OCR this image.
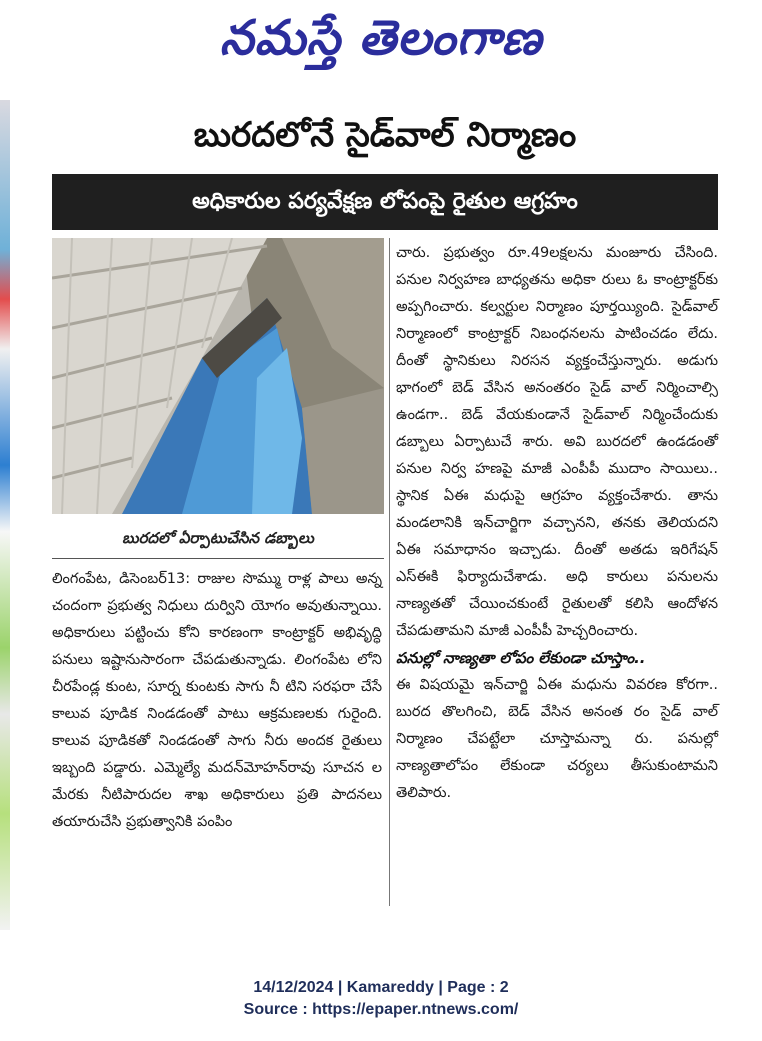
నమస్తే తెలంగాణ
బురదలోనే సైడ్‌వాల్ నిర్మాణం
అధికారుల పర్యవేక్షణ లోపంపై రైతుల ఆగ్రహం
బురదలో ఏర్పాటుచేసిన డబ్బాలు

లింగంపేట, డిసెంబర్13: రాజుల సొమ్ము రాళ్ల పాలు అన్న చందంగా ప్రభుత్వ నిధులు దుర్విని యోగం అవుతున్నాయి. అధికారులు పట్టించు కోని కారణంగా కాంట్రాక్టర్ అభివృద్ధి పనులు ఇష్టానుసారంగా చేపడుతున్నాడు. లింగంపేట లోని చీరపేండ్ల కుంట, సూర్న కుంటకు సాగు నీ టిని సరఫరా చేసే కాలువ పూడిక నిండడంతో పాటు ఆక్రమణలకు గురైంది. కాలువ పూడికతో నిండడంతో సాగు నీరు అందక రైతులు ఇబ్బంది పడ్డారు. ఎమ్మెల్యే మదన్‌మోహన్‌రావు సూచన ల మేరకు నీటిపారుదల శాఖ అధికారులు ప్రతి పాదనలు తయారుచేసి ప్రభుత్వానికి పంపిం

చారు. ప్రభుత్వం రూ.49లక్షలను మంజూరు చేసింది. పనుల నిర్వహణ బాధ్యతను అధికా రులు ఓ కాంట్రాక్టర్‌కు అప్పగించారు. కల్వర్టుల నిర్మాణం పూర్తయ్యింది. సైడ్‌వాల్ నిర్మాణంలో కాంట్రాక్టర్ నిబంధనలను పాటించడం లేదు. దీంతో స్థానికులు నిరసన వ్యక్తంచేస్తున్నారు. అడుగు భాగంలో బెడ్ వేసిన అనంతరం సైడ్ వాల్ నిర్మించాల్సి ఉండగా.. బెడ్ వేయకుండానే సైడ్‌వాల్ నిర్మించేందుకు డబ్బాలు ఏర్పాటుచే శారు. అవి బురదలో ఉండడంతో పనుల నిర్వ హణపై మాజీ ఎంపీపీ ముదాం సాయిలు.. స్థానిక ఏఈ మధుపై ఆగ్రహం వ్యక్తంచేశారు. తాను మండలానికి ఇన్‌చార్జిగా వచ్చానని, తనకు తెలియదని ఏఈ సమాధానం ఇచ్చాడు. దీంతో అతడు ఇరిగేషన్ ఎస్ఈకి ఫిర్యాదుచేశాడు. అధి కారులు పనులను నాణ్యతతో చేయించకుంటే రైతులతో కలిసి ఆందోళన చేపడుతామని మాజీ ఎంపీపీ హెచ్చరించారు.

పనుల్లో నాణ్యతా లోపం లేకుండా చూస్తాం..

ఈ విషయమై ఇన్‌చార్జి ఏఈ మధును వివరణ కోరగా.. బురద తొలగించి, బెడ్ వేసిన అనంత రం సైడ్ వాల్ నిర్మాణం చేపట్టేలా చూస్తామన్నా రు. పనుల్లో నాణ్యతాలోపం లేకుండా చర్యలు తీసుకుంటామని తెలిపారు.

14/12/2024 | Kamareddy | Page : 2
Source : https://epaper.ntnews.com/
